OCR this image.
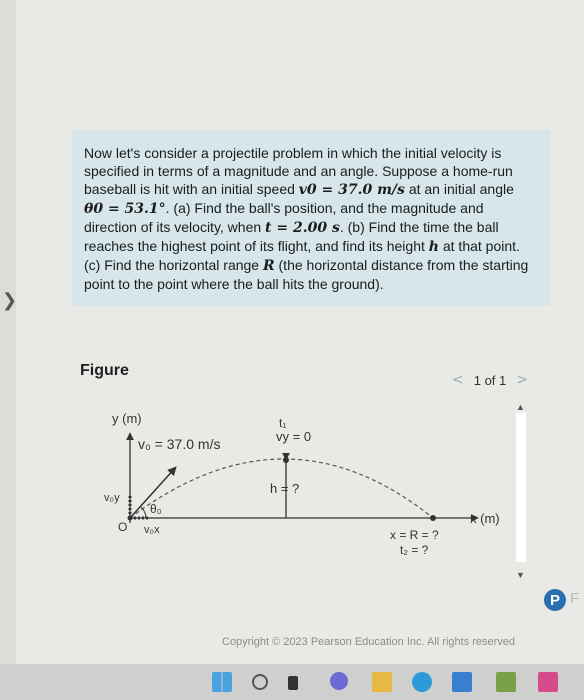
❯
Now let's consider a projectile problem in which the initial velocity is specified in terms of a magnitude and an angle. Suppose a home-run baseball is hit with an initial speed v0 = 37.0 m/s at an initial angle θ0 = 53.1°. (a) Find the ball's position, and the magnitude and direction of its velocity, when t = 2.00 s. (b) Find the time the ball reaches the highest point of its flight, and find its height h at that point. (c) Find the horizontal range R (the horizontal distance from the starting point to the point where the ball hits the ground).
Figure
< 1 of 1 >
▲
▼
y (m)
x (m)
v₀ = 37.0 m/s
v₀y
v₀x
θ₀
O
t₁
vy = 0
h = ?
x = R = ?
t₂ = ?
P F
Copyright © 2023 Pearson Education Inc. All rights reserved
